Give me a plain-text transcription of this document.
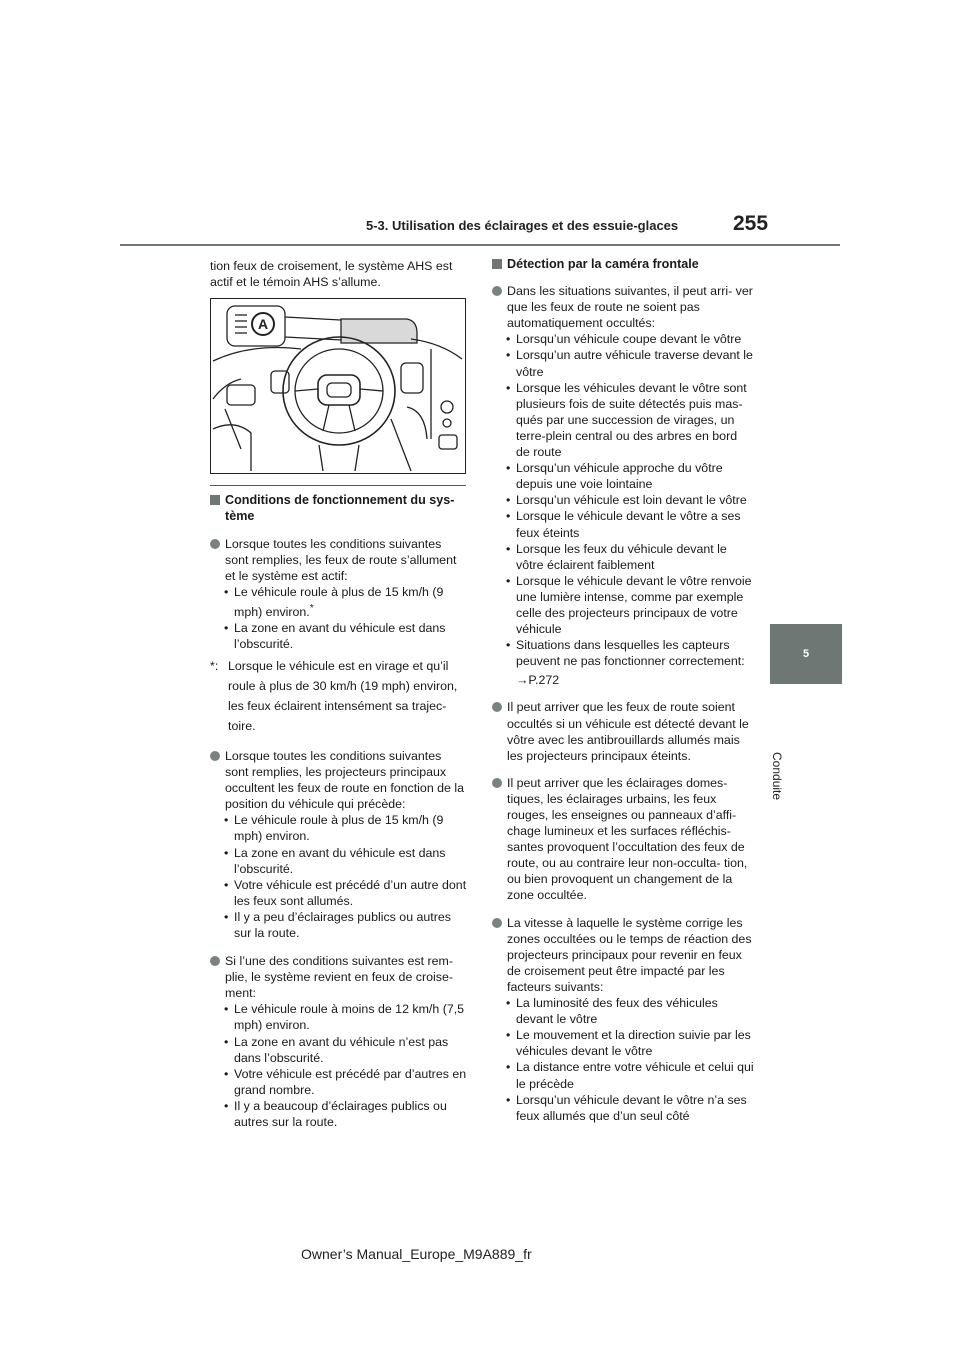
5-3. Utilisation des éclairages et des essuie-glaces	255
5
Conduite

tion feux de croisement, le système AHS est actif et le témoin AHS s’allume.

A

Conditions de fonctionnement du sys- tème

Lorsque toutes les conditions suivantes sont remplies, les feux de route s’allument et le système est actif:

• Le véhicule roule à plus de 15 km/h (9 mph) environ.*

• La zone en avant du véhicule est dans l’obscurité.

*: Lorsque le véhicule est en virage et qu’il roule à plus de 30 km/h (19 mph) environ, les feux éclairent intensément sa trajec- toire.

Lorsque toutes les conditions suivantes sont remplies, les projecteurs principaux occultent les feux de route en fonction de la position du véhicule qui précède:

• Le véhicule roule à plus de 15 km/h (9 mph) environ.

• La zone en avant du véhicule est dans l’obscurité.

• Votre véhicule est précédé d’un autre dont les feux sont allumés.

• Il y a peu d’éclairages publics ou autres sur la route.

Si l’une des conditions suivantes est rem- plie, le système revient en feux de croise- ment:

• Le véhicule roule à moins de 12 km/h (7,5 mph) environ.

• La zone en avant du véhicule n’est pas dans l’obscurité.

• Votre véhicule est précédé par d’autres en grand nombre.

• Il y a beaucoup d’éclairages publics ou autres sur la route.

Détection par la caméra frontale

Dans les situations suivantes, il peut arri- ver que les feux de route ne soient pas automatiquement occultés:

• Lorsqu’un véhicule coupe devant le vôtre

• Lorsqu’un autre véhicule traverse devant le vôtre

• Lorsque les véhicules devant le vôtre sont plusieurs fois de suite détectés puis mas- qués par une succession de virages, un terre-plein central ou des arbres en bord de route

• Lorsqu’un véhicule approche du vôtre depuis une voie lointaine

• Lorsqu’un véhicule est loin devant le vôtre

• Lorsque le véhicule devant le vôtre a ses feux éteints

• Lorsque les feux du véhicule devant le vôtre éclairent faiblement

• Lorsque le véhicule devant le vôtre renvoie une lumière intense, comme par exemple celle des projecteurs principaux de votre véhicule

• Situations dans lesquelles les capteurs peuvent ne pas fonctionner correctement:

→P.272

Il peut arriver que les feux de route soient occultés si un véhicule est détecté devant le vôtre avec les antibrouillards allumés mais les projecteurs principaux éteints.

Il peut arriver que les éclairages domes- tiques, les éclairages urbains, les feux rouges, les enseignes ou panneaux d’affi- chage lumineux et les surfaces réfléchis- santes provoquent l’occultation des feux de route, ou au contraire leur non-occulta- tion, ou bien provoquent un changement de la zone occultée.

La vitesse à laquelle le système corrige les zones occultées ou le temps de réaction des projecteurs principaux pour revenir en feux de croisement peut être impacté par les facteurs suivants:

• La luminosité des feux des véhicules devant le vôtre

• Le mouvement et la direction suivie par les véhicules devant le vôtre

• La distance entre votre véhicule et celui qui le précède

• Lorsqu’un véhicule devant le vôtre n’a ses feux allumés que d’un seul côté

Owner’s Manual_Europe_M9A889_fr
